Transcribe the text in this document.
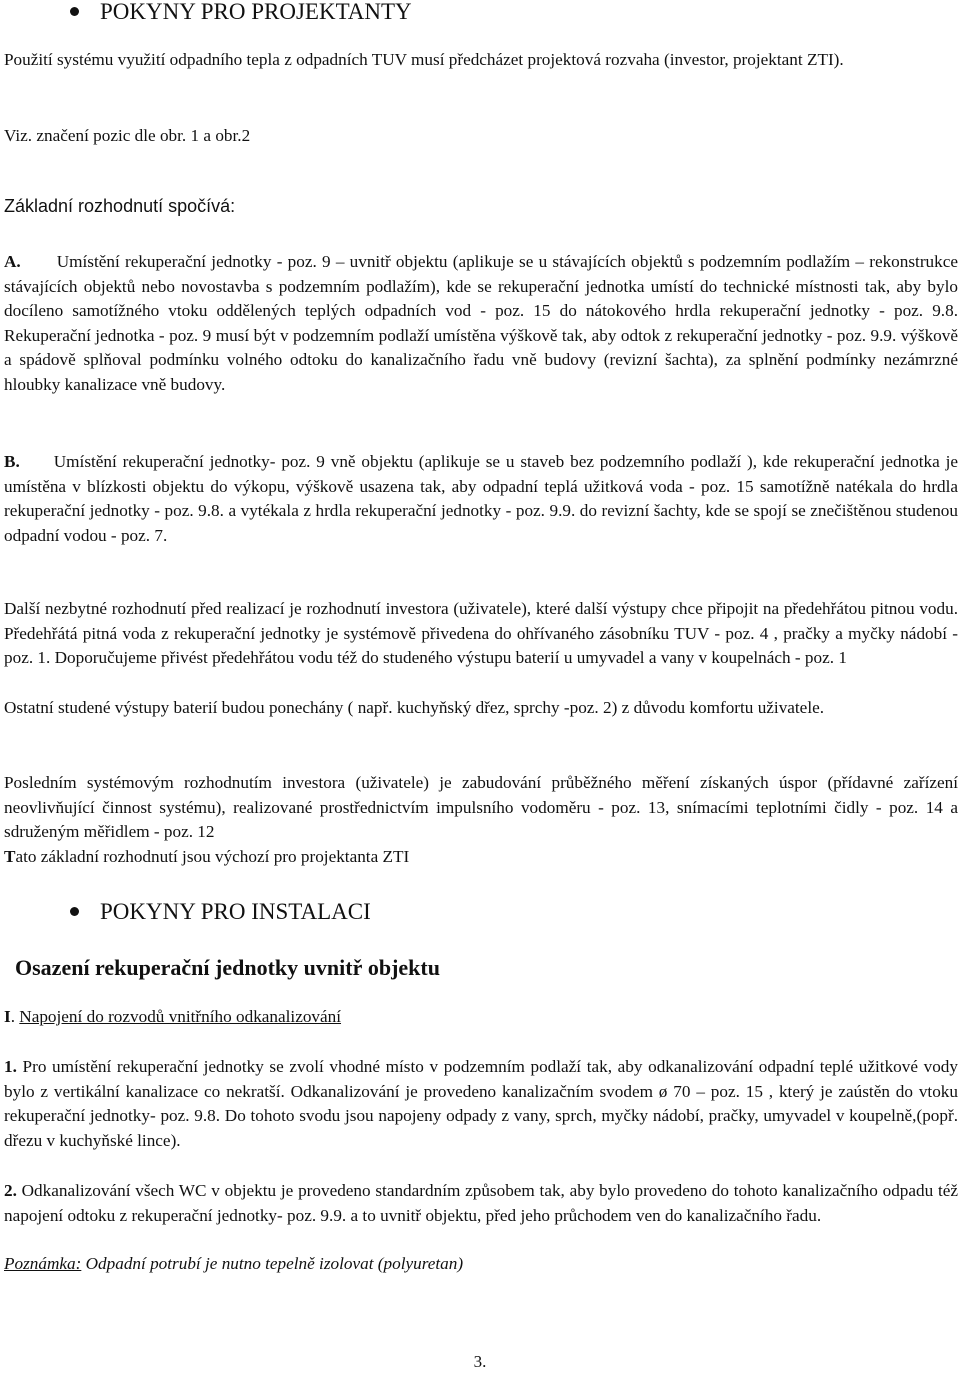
POKYNY PRO PROJEKTANTY

Použití systému využití odpadního tepla z odpadních TUV musí předcházet projektová rozvaha (investor, projektant ZTI).

Viz. značení pozic dle obr. 1 a obr.2

Základní rozhodnutí spočívá:

A. Umístění rekuperační jednotky - poz. 9 – uvnitř objektu (aplikuje se u stávajících objektů s podzemním podlažím – rekonstrukce stávajících objektů nebo novostavba s podzemním podlažím), kde se rekuperační jednotka umístí do technické místnosti tak, aby bylo docíleno samotížného vtoku oddělených teplých odpadních vod - poz. 15 do nátokového hrdla rekuperační jednotky - poz. 9.8. Rekuperační jednotka - poz. 9 musí být v podzemním podlaží umístěna výškově tak, aby odtok z rekuperační jednotky - poz. 9.9. výškově a spádově splňoval podmínku volného odtoku do kanalizačního řadu vně budovy (revizní šachta), za splnění podmínky nezámrzné hloubky kanalizace vně budovy.

B. Umístění rekuperační jednotky- poz. 9 vně objektu (aplikuje se u staveb bez podzemního podlaží ), kde rekuperační jednotka je umístěna v blízkosti objektu do výkopu, výškově usazena tak, aby odpadní teplá užitková voda - poz. 15 samotížně natékala do hrdla rekuperační jednotky - poz. 9.8. a vytékala z hrdla rekuperační jednotky - poz. 9.9. do revizní šachty, kde se spojí se znečištěnou studenou odpadní vodou - poz. 7.

Další nezbytné rozhodnutí před realizací je rozhodnutí investora (uživatele), které další výstupy chce připojit na předehřátou pitnou vodu. Předehřátá pitná voda z rekuperační jednotky je systémově přivedena do ohřívaného zásobníku TUV - poz. 4 , pračky a myčky nádobí - poz. 1. Doporučujeme přivést předehřátou vodu též do studeného výstupu baterií u umyvadel a vany v koupelnách - poz. 1

Ostatní studené výstupy baterií budou ponechány ( např. kuchyňský dřez, sprchy -poz. 2) z důvodu komfortu uživatele.

Posledním systémovým rozhodnutím investora (uživatele) je zabudování průběžného měření získaných úspor (přídavné zařízení neovlivňující činnost systému), realizované prostřednictvím impulsního vodoměru - poz. 13, snímacími teplotními čidly - poz. 14 a sdruženým měřidlem - poz. 12

Tato základní rozhodnutí jsou výchozí pro projektanta ZTI

POKYNY PRO INSTALACI
Osazení rekuperační jednotky uvnitř objektu

I. Napojení do rozvodů vnitřního odkanalizování

1. Pro umístění rekuperační jednotky se zvolí vhodné místo v podzemním podlaží tak, aby odkanalizování odpadní teplé užitkové vody bylo z vertikální kanalizace co nekratší. Odkanalizování je provedeno kanalizačním svodem ø 70 – poz. 15 , který je zaústěn do vtoku rekuperační jednotky- poz. 9.8. Do tohoto svodu jsou napojeny odpady z vany, sprch, myčky nádobí, pračky, umyvadel v koupelně,(popř. dřezu v kuchyňské lince).

2. Odkanalizování všech WC v objektu je provedeno standardním způsobem tak, aby bylo provedeno do tohoto kanalizačního odpadu též napojení odtoku z rekuperační jednotky- poz. 9.9. a to uvnitř objektu, před jeho průchodem ven do kanalizačního řadu.

Poznámka: Odpadní potrubí je nutno tepelně izolovat (polyuretan)

3.
